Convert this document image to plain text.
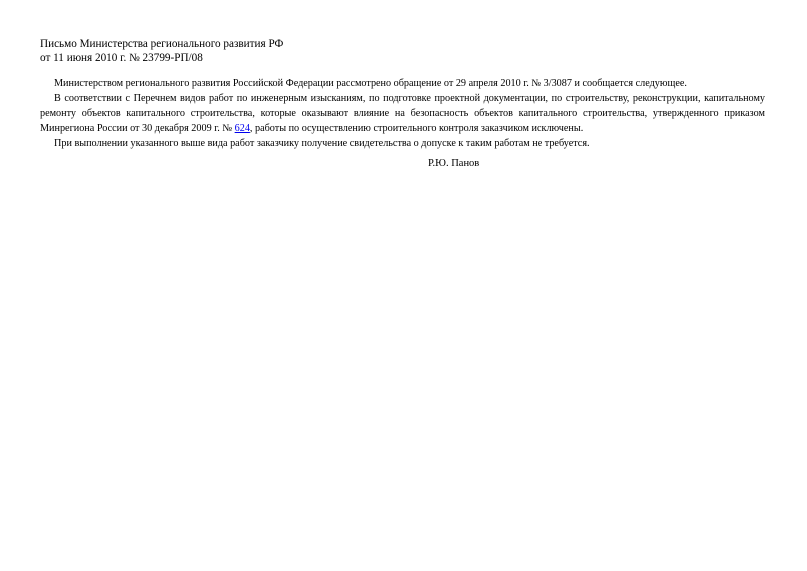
Письмо Министерства регионального развития РФ

от 11 июня 2010 г. № 23799-РП/08

Министерством регионального развития Российской Федерации рассмотрено обращение от 29 апреля 2010 г. № 3/3087 и сообщается следующее.

В соответствии с Перечнем видов работ по инженерным изысканиям, по подготовке проектной документации, по строительству, реконструкции, капитальному ремонту объектов капитального строительства, которые оказывают влияние на безопасность объектов капитального строительства, утвержденного приказом Минрегиона России от 30 декабря 2009 г. № 624, работы по осуществлению строительного контроля заказчиком исключены.

При выполнении указанного выше вида работ заказчику получение свидетельства о допуске к таким работам не требуется.

Р.Ю. Панов
